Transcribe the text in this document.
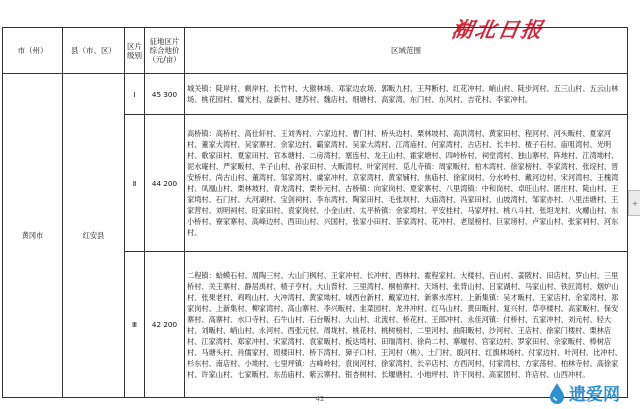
湖北日报
市（州）	县（市、区）	区片级别	征地区片综合地价（元/亩）	区域范围
黄冈市	红安县	Ⅰ	45 300	城关镇：陡岸村、剩岸村、长竹村、大猴林场、邓家边农场、郭畈九村、王拜断村、红花冲村、峭山村、陡步河村、五三山村、五云山林场、桃花园村、耀光村、益新村、建苏村、魏店村、细塘村、高家湾、东门村、东风村、吉花村、李家冲村。
		Ⅱ	44 200	高桥镇：高桥村、高仕轩村、王刘秀村、六家边村、曹门村、桥头边村、栗林坡村、高洪湾村、黄家田村、程河村、河头畈村、夏家河村、董家大湾村、吴家寨村、余家边村、霸家湾村、吴家大湾村、江湾庙村、何家湾村、古店村、长丰村、楂子石村、庙咀湾村、光明村、歌家田村、夏家田村、官本塘村、二房湾村、塞连村、龙王山村、霍家塘村、四岭桥村、祠堂湾村、独山寨村、阵地村、江湾坳村、泥水庵村、严家畈村、羊子山村、孙家田村、大畈湾村、叶家河村、觅儿寺镇：周家畈村、柏木湾村、徐家榜村、李家湾村、张垸村、晋安桥村、尚古山村、董湾村、邹家湾村、虞家冲村、京家湾村、黄家铺村、焦庙村、徐家岗村、分水岭村、戴河边村、宋河湾村、王槐湾村、凤凰山村、栗林坡村、青龙湾村、栗朴元村、古桥镇：向家岗村、夏家寨村、八里湾镇：中和岗村、卓旺山村、匿庄村、陡山村、王家塆村、石门村、大河湖村、宝剑祠村、李东湾村、陶家田村、毛张坝村、大庙湾村、冯家田村、山坡湾村、邹家亦村、八里洼塘村、王家营村、刘明祠村、旺家田村、袁家岗村、小金山村、太平桥镇：余家塆村、平安桂村、马家坪村、桃八斗村、张坦龙村、火螺山村、东小桥村、寮家寨村、高峰边村、西田山村、兴国村、张家小田村、茶家湾村、花冲村、老屋榜村、巨家塝村、卢家山村、张家祠村、河东村。
		Ⅲ	42 200	二程镇：蛤蟆石村、周陶三村、大山门枫村、王家冲村、长冲村、西林村、霍程家村、大楼村、百山村、姜陂村、田店村、罗山村、三里桥村、关王寨村、静居禹村、楂子亨村、大山背村、三里湾村、桐柏寨村、天场村、张背山村、吕家湖村、马家山村、铁匠湾村、烟炉山村、张果老村、鸡鸣山村、大冲湾村、黄家坳村、城西台新村、戴家边村、新寨水库村、上新集镇：吴才畈村、王家店村、余家湾村、郑家岗村、上新集村、柳家湾村、高山寨村、李兴畈村、韭菜园村、龙井冲村、红马山村、黄田畈村、复兴村、草亭楼村、高家畈村、保安寨村、高寨村、水口寺村、石牛山村、石台畈村、大山村、北流村、桥花村、王郎冲村、永佳河镇：付桥村、五家冲村、刘元村、轻大村、刘畈村、峭山村、永河村、西张元村、周垅村、桃花村、桃树榜村、二里河村、曲阳畈村、沙河村、王店村、徐家门楼村、栗林店村、江家湾村、郑家冲村、宋家湾村、袁家畈村、板达塆村、田瑞湾村、徐尚二村、寨堰村、官家边村、罗家田村、余家畈村、棒树店村、马塘头村、肖儒家村、周楼田村、桥下湾村、獐子口村、王河村（桃）、土门村、殷河村、红旗林场村、付家边村、叶河村、比冲村、杉东村、南店村、小坳村、七里坪镇：古峰岭村、袁岗河村、徐家湾村、长辛店村、方西河村、付家湾村、方家荡村、柏林寺村、高徐家村、许家山村、七家畈村、东岳庙村、紫云寨村、银杏树村、长堰塘村、小地坪村、许下岗村、高家团村、许店村、山西冲村。
+
42	遗爱网
